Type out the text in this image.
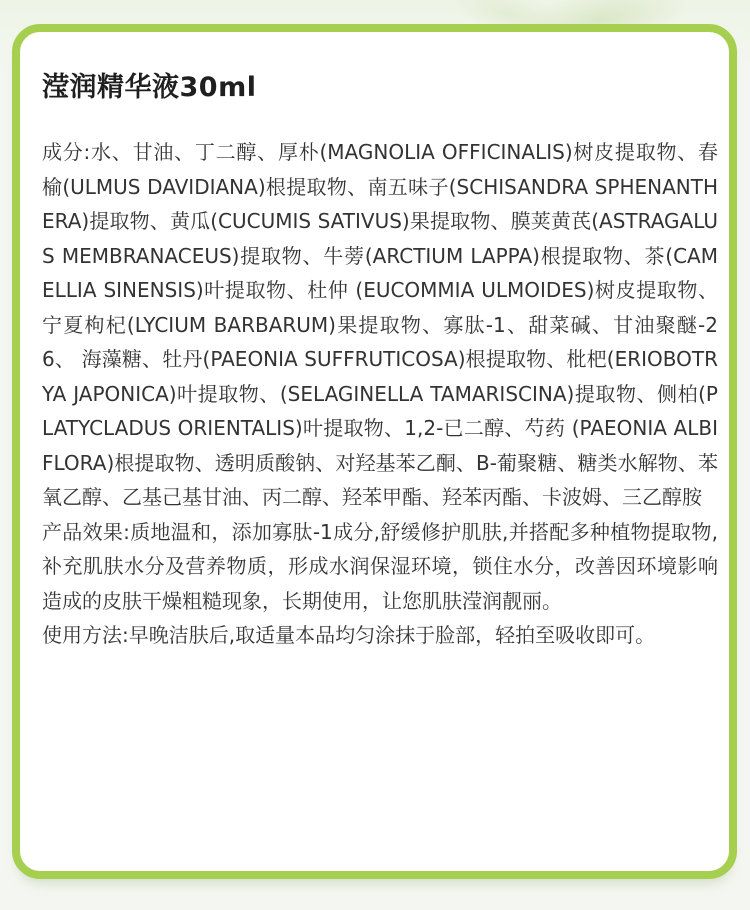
滢润精华液30ml

成分:水、甘油、丁二醇、厚朴(MAGNOLIA OFFICINALIS)树皮提取物、春榆(ULMUS DAVIDIANA)根提取物、南五味子(SCHISANDRA SPHENANTHERA)提取物、黄瓜(CUCUMIS SATIVUS)果提取物、膜荚黄芪(ASTRAGALUS MEMBRANACEUS)提取物、牛蒡(ARCTIUM LAPPA)根提取物、茶(CAMELLIA SINENSIS)叶提取物、杜仲 (EUCOMMIA ULMOIDES)树皮提取物、宁夏枸杞(LYCIUM BARBARUM)果提取物、寡肽-1、甜菜碱、甘油聚醚-26、 海藻糖、牡丹(PAEONIA SUFFRUTICOSA)根提取物、枇杷(ERIOBOTRYA JAPONICA)叶提取物、(SELAGINELLA TAMARISCINA)提取物、侧柏(PLATYCLADUS ORIENTALIS)叶提取物、1,2-已二醇、芍药 (PAEONIA ALBIFLORA)根提取物、透明质酸钠、对羟基苯乙酮、B-葡聚糖、糖类水解物、苯氧乙醇、乙基己基甘油、丙二醇、羟苯甲酯、羟苯丙酯、卡波姆、三乙醇胺

产品效果:质地温和，添加寡肽-1成分,舒缓修护肌肤,并搭配多种植物提取物,补充肌肤水分及营养物质，形成水润保湿环境，锁住水分，改善因环境影响造成的皮肤干燥粗糙现象，长期使用，让您肌肤滢润靓丽。

使用方法:早晚洁肤后,取适量本品均匀涂抹于脸部，轻拍至吸收即可。
